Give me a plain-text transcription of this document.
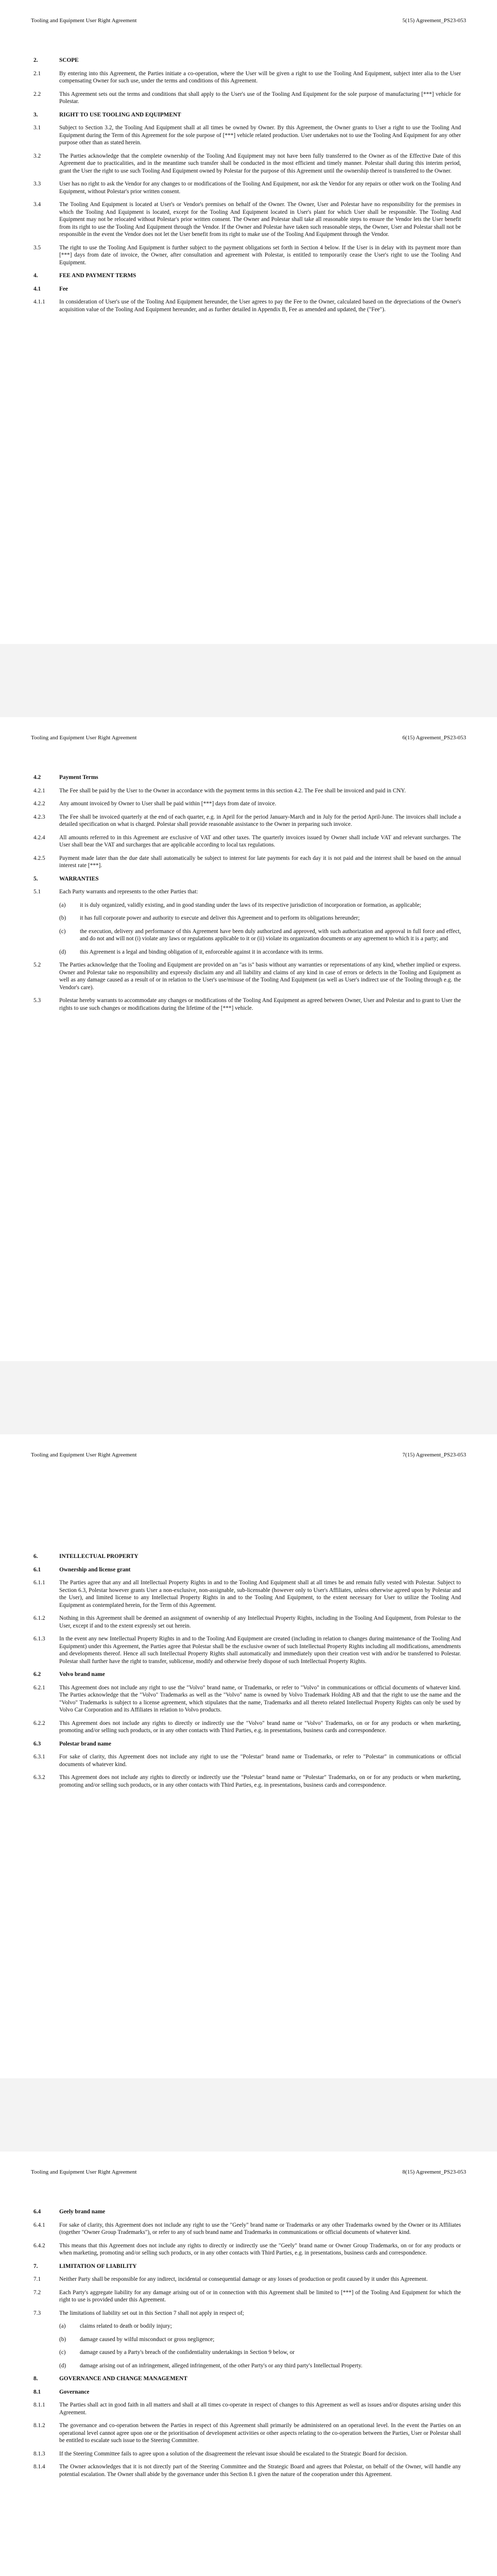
Tooling and Equipment User Right Agreement	5(15) Agreement_PS23-053
2.	SCOPE
2.1	By entering into this Agreement, the Parties initiate a co-operation, where the User will be given a right to use the Tooling And Equipment, subject inter alia to the User compensating Owner for such use, under the terms and conditions of this Agreement.
2.2	This Agreement sets out the terms and conditions that shall apply to the User's use of the Tooling And Equipment for the sole purpose of manufacturing [***] vehicle for Polestar.
3.	RIGHT TO USE TOOLING AND EQUIPMENT
3.1	Subject to Section 3.2, the Tooling And Equipment shall at all times be owned by Owner. By this Agreement, the Owner grants to User a right to use the Tooling And Equipment during the Term of this Agreement for the sole purpose of [***] vehicle related production. User undertakes not to use the Tooling And Equipment for any other purpose other than as stated herein.
3.2	The Parties acknowledge that the complete ownership of the Tooling And Equipment may not have been fully transferred to the Owner as of the Effective Date of this Agreement due to practicalities, and in the meantime such transfer shall be conducted in the most efficient and timely manner. Polestar shall during this interim period, grant the User the right to use such Tooling And Equipment owned by Polestar for the purpose of this Agreement until the ownership thereof is transferred to the Owner.
3.3	User has no right to ask the Vendor for any changes to or modifications of the Tooling And Equipment, nor ask the Vendor for any repairs or other work on the Tooling And Equipment, without Polestar's prior written consent.
3.4	The Tooling And Equipment is located at User's or Vendor's premises on behalf of the Owner. The Owner, User and Polestar have no responsibility for the premises in which the Tooling And Equipment is located, except for the Tooling And Equipment located in User's plant for which User shall be responsible. The Tooling And Equipment may not be relocated without Polestar's prior written consent. The Owner and Polestar shall take all reasonable steps to ensure the Vendor lets the User benefit from its right to use the Tooling And Equipment through the Vendor. If the Owner and Polestar have taken such reasonable steps, the Owner, User and Polestar shall not be responsible in the event the Vendor does not let the User benefit from its right to make use of the Tooling And Equipment through the Vendor.
3.5	The right to use the Tooling And Equipment is further subject to the payment obligations set forth in Section 4 below. If the User is in delay with its payment more than [***] days from date of invoice, the Owner, after consultation and agreement with Polestar, is entitled to temporarily cease the User's right to use the Tooling And Equipment.
4.	FEE AND PAYMENT TERMS
4.1	Fee
4.1.1	In consideration of User's use of the Tooling And Equipment hereunder, the User agrees to pay the Fee to the Owner, calculated based on the depreciations of the Owner's acquisition value of the Tooling And Equipment hereunder, and as further detailed in Appendix B, Fee as amended and updated, the ("Fee").
Tooling and Equipment User Right Agreement	6(15) Agreement_PS23-053
4.2	Payment Terms
4.2.1	The Fee shall be paid by the User to the Owner in accordance with the payment terms in this section 4.2. The Fee shall be invoiced and paid in CNY.
4.2.2	Any amount invoiced by Owner to User shall be paid within [***] days from date of invoice.
4.2.3	The Fee shall be invoiced quarterly at the end of each quarter, e.g. in April for the period January-March and in July for the period April-June. The invoices shall include a detailed specification on what is charged. Polestar shall provide reasonable assistance to the Owner in preparing such invoice.
4.2.4	All amounts referred to in this Agreement are exclusive of VAT and other taxes. The quarterly invoices issued by Owner shall include VAT and relevant surcharges. The User shall bear the VAT and surcharges that are applicable according to local tax regulations.
4.2.5	Payment made later than the due date shall automatically be subject to interest for late payments for each day it is not paid and the interest shall be based on the annual interest rate [***].
5.	WARRANTIES
5.1	Each Party warrants and represents to the other Parties that:
(a)	it is duly organized, validly existing, and in good standing under the laws of its respective jurisdiction of incorporation or formation, as applicable;
(b)	it has full corporate power and authority to execute and deliver this Agreement and to perform its obligations hereunder;
(c)	the execution, delivery and performance of this Agreement have been duly authorized and approved, with such authorization and approval in full force and effect, and do not and will not (i) violate any laws or regulations applicable to it or (ii) violate its organization documents or any agreement to which it is a party; and
(d)	this Agreement is a legal and binding obligation of it, enforceable against it in accordance with its terms.
5.2	The Parties acknowledge that the Tooling and Equipment are provided on an "as is" basis without any warranties or representations of any kind, whether implied or express. Owner and Polestar take no responsibility and expressly disclaim any and all liability and claims of any kind in case of errors or defects in the Tooling and Equipment as well as any damage caused as a result of or in relation to the User's use/misuse of the Tooling And Equipment (as well as User's indirect use of the Tooling through e.g. the Vendor's care).
5.3	Polestar hereby warrants to accommodate any changes or modifications of the Tooling And Equipment as agreed between Owner, User and Polestar and to grant to User the rights to use such changes or modifications during the lifetime of the [***] vehicle.
Tooling and Equipment User Right Agreement	7(15) Agreement_PS23-053
6.	INTELLECTUAL PROPERTY
6.1	Ownership and license grant
6.1.1	The Parties agree that any and all Intellectual Property Rights in and to the Tooling And Equipment shall at all times be and remain fully vested with Polestar. Subject to Section 6.3, Polestar however grants User a non-exclusive, non-assignable, sub-licensable (however only to User's Affiliates, unless otherwise agreed upon by Polestar and the User), and limited license to any Intellectual Property Rights in and to the Tooling And Equipment, to the extent necessary for User to utilize the Tooling And Equipment as contemplated herein, for the Term of this Agreement.
6.1.2	Nothing in this Agreement shall be deemed an assignment of ownership of any Intellectual Property Rights, including in the Tooling And Equipment, from Polestar to the User, except if and to the extent expressly set out herein.
6.1.3	In the event any new Intellectual Property Rights in and to the Tooling And Equipment are created (including in relation to changes during maintenance of the Tooling And Equipment) under this Agreement, the Parties agree that Polestar shall be the exclusive owner of such Intellectual Property Rights including all modifications, amendments and developments thereof. Hence all such Intellectual Property Rights shall automatically and immediately upon their creation vest with and/or be transferred to Polestar. Polestar shall further have the right to transfer, sublicense, modify and otherwise freely dispose of such Intellectual Property Rights.
6.2	Volvo brand name
6.2.1	This Agreement does not include any right to use the "Volvo" brand name, or Trademarks, or refer to "Volvo" in communications or official documents of whatever kind. The Parties acknowledge that the "Volvo" Trademarks as well as the "Volvo" name is owned by Volvo Trademark Holding AB and that the right to use the name and the "Volvo" Trademarks is subject to a license agreement, which stipulates that the name, Trademarks and all thereto related Intellectual Property Rights can only be used by Volvo Car Corporation and its Affiliates in relation to Volvo products.
6.2.2	This Agreement does not include any rights to directly or indirectly use the "Volvo" brand name or "Volvo" Trademarks, on or for any products or when marketing, promoting and/or selling such products, or in any other contacts with Third Parties, e.g. in presentations, business cards and correspondence.
6.3	Polestar brand name
6.3.1	For sake of clarity, this Agreement does not include any right to use the "Polestar" brand name or Trademarks, or refer to "Polestar" in communications or official documents of whatever kind.
6.3.2	This Agreement does not include any rights to directly or indirectly use the "Polestar" brand name or "Polestar" Trademarks, on or for any products or when marketing, promoting and/or selling such products, or in any other contacts with Third Parties, e.g. in presentations, business cards and correspondence.
Tooling and Equipment User Right Agreement	8(15) Agreement_PS23-053
6.4	Geely brand name
6.4.1	For sake of clarity, this Agreement does not include any right to use the "Geely" brand name or Trademarks or any other Trademarks owned by the Owner or its Affiliates (together "Owner Group Trademarks"), or refer to any of such brand name and Trademarks in communications or official documents of whatever kind.
6.4.2	This means that this Agreement does not include any rights to directly or indirectly use the "Geely" brand name or Owner Group Trademarks, on or for any products or when marketing, promoting and/or selling such products, or in any other contacts with Third Parties, e.g. in presentations, business cards and correspondence.
7.	LIMITATION OF LIABILITY
7.1	Neither Party shall be responsible for any indirect, incidental or consequential damage or any losses of production or profit caused by it under this Agreement.
7.2	Each Party's aggregate liability for any damage arising out of or in connection with this Agreement shall be limited to [***] of the Tooling And Equipment for which the right to use is provided under this Agreement.
7.3	The limitations of liability set out in this Section 7 shall not apply in respect of;
(a)	claims related to death or bodily injury;
(b)	damage caused by wilful misconduct or gross negligence;
(c)	damage caused by a Party's breach of the confidentiality undertakings in Section 9 below, or
(d)	damage arising out of an infringement, alleged infringement, of the other Party's or any third party's Intellectual Property.
8.	GOVERNANCE AND CHANGE MANAGEMENT
8.1	Governance
8.1.1	The Parties shall act in good faith in all matters and shall at all times co-operate in respect of changes to this Agreement as well as issues and/or disputes arising under this Agreement.
8.1.2	The governance and co-operation between the Parties in respect of this Agreement shall primarily be administered on an operational level. In the event the Parties on an operational level cannot agree upon one or the prioritisation of development activities or other aspects relating to the co-operation between the Parties, User or Polestar shall be entitled to escalate such issue to the Steering Committee.
8.1.3	If the Steering Committee fails to agree upon a solution of the disagreement the relevant issue should be escalated to the Strategic Board for decision.
8.1.4	The Owner acknowledges that it is not directly part of the Steering Committee and the Strategic Board and agrees that Polestar, on behalf of the Owner, will handle any potential escalation. The Owner shall abide by the governance under this Section 8.1 given the nature of the cooperation under this Agreement.
